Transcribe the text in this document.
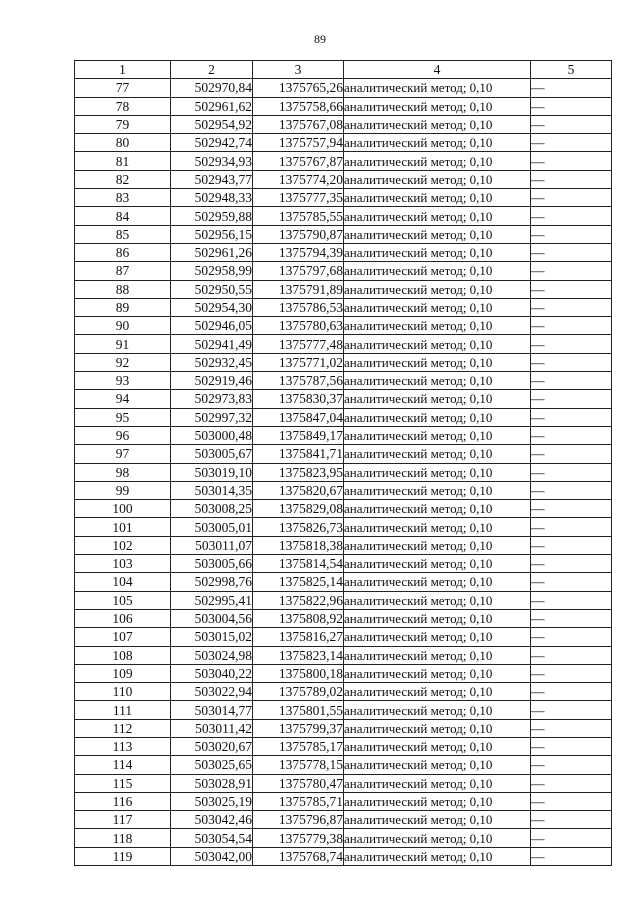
89
1	2	3	4	5
77	502970,84	1375765,26	аналитический метод; 0,10	—
78	502961,62	1375758,66	аналитический метод; 0,10	—
79	502954,92	1375767,08	аналитический метод; 0,10	—
80	502942,74	1375757,94	аналитический метод; 0,10	—
81	502934,93	1375767,87	аналитический метод; 0,10	—
82	502943,77	1375774,20	аналитический метод; 0,10	—
83	502948,33	1375777,35	аналитический метод; 0,10	—
84	502959,88	1375785,55	аналитический метод; 0,10	—
85	502956,15	1375790,87	аналитический метод; 0,10	—
86	502961,26	1375794,39	аналитический метод; 0,10	—
87	502958,99	1375797,68	аналитический метод; 0,10	—
88	502950,55	1375791,89	аналитический метод; 0,10	—
89	502954,30	1375786,53	аналитический метод; 0,10	—
90	502946,05	1375780,63	аналитический метод; 0,10	—
91	502941,49	1375777,48	аналитический метод; 0,10	—
92	502932,45	1375771,02	аналитический метод; 0,10	—
93	502919,46	1375787,56	аналитический метод; 0,10	—
94	502973,83	1375830,37	аналитический метод; 0,10	—
95	502997,32	1375847,04	аналитический метод; 0,10	—
96	503000,48	1375849,17	аналитический метод; 0,10	—
97	503005,67	1375841,71	аналитический метод; 0,10	—
98	503019,10	1375823,95	аналитический метод; 0,10	—
99	503014,35	1375820,67	аналитический метод; 0,10	—
100	503008,25	1375829,08	аналитический метод; 0,10	—
101	503005,01	1375826,73	аналитический метод; 0,10	—
102	503011,07	1375818,38	аналитический метод; 0,10	—
103	503005,66	1375814,54	аналитический метод; 0,10	—
104	502998,76	1375825,14	аналитический метод; 0,10	—
105	502995,41	1375822,96	аналитический метод; 0,10	—
106	503004,56	1375808,92	аналитический метод; 0,10	—
107	503015,02	1375816,27	аналитический метод; 0,10	—
108	503024,98	1375823,14	аналитический метод; 0,10	—
109	503040,22	1375800,18	аналитический метод; 0,10	—
110	503022,94	1375789,02	аналитический метод; 0,10	—
111	503014,77	1375801,55	аналитический метод; 0,10	—
112	503011,42	1375799,37	аналитический метод; 0,10	—
113	503020,67	1375785,17	аналитический метод; 0,10	—
114	503025,65	1375778,15	аналитический метод; 0,10	—
115	503028,91	1375780,47	аналитический метод; 0,10	—
116	503025,19	1375785,71	аналитический метод; 0,10	—
117	503042,46	1375796,87	аналитический метод; 0,10	—
118	503054,54	1375779,38	аналитический метод; 0,10	—
119	503042,00	1375768,74	аналитический метод; 0,10	—
